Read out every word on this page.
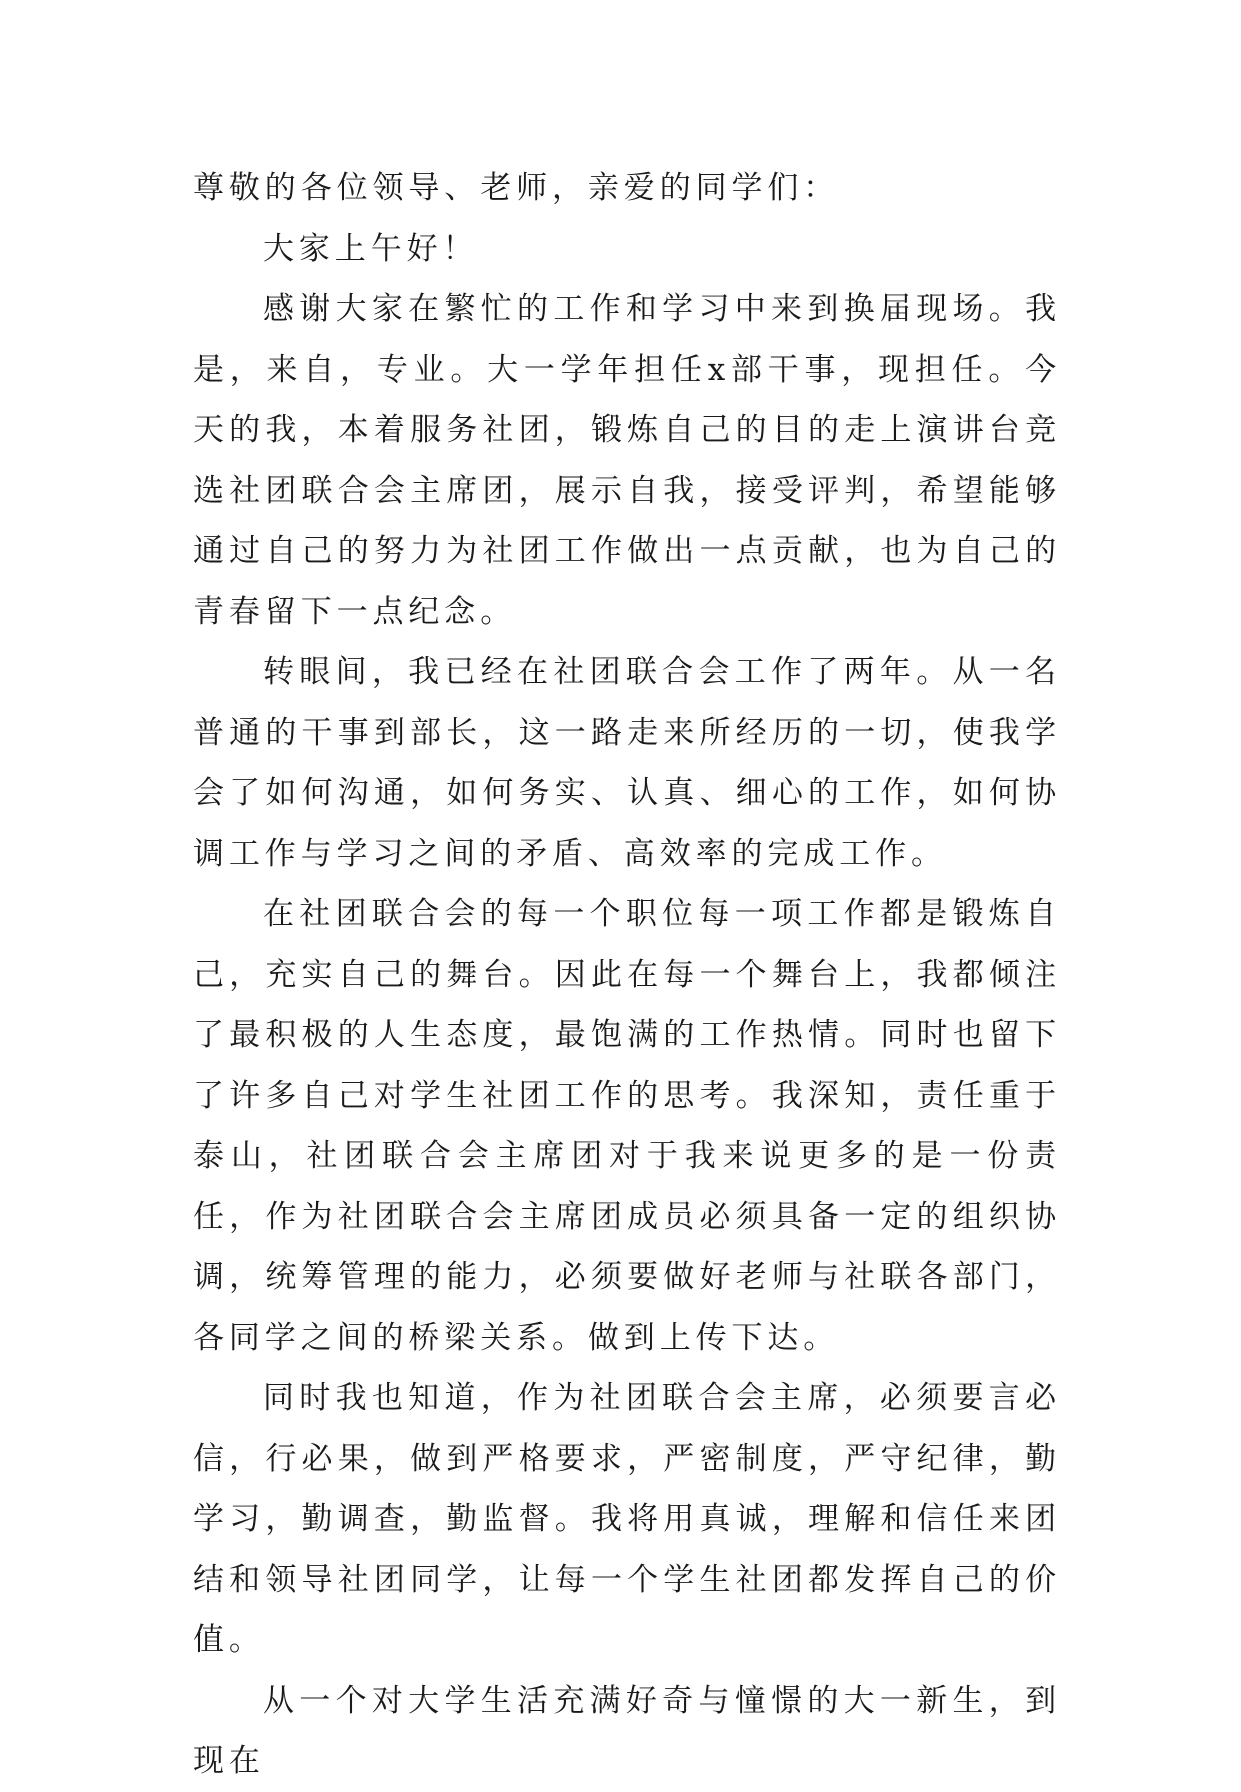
尊敬的各位领导、老师，亲爱的同学们：

大家上午好！

感谢大家在繁忙的工作和学习中来到换届现场。我是，来自，专业。大一学年担任x部干事，现担任。今天的我，本着服务社团，锻炼自己的目的走上演讲台竞选社团联合会主席团，展示自我，接受评判，希望能够通过自己的努力为社团工作做出一点贡献，也为自己的青春留下一点纪念。

转眼间，我已经在社团联合会工作了两年。从一名普通的干事到部长，这一路走来所经历的一切，使我学会了如何沟通，如何务实、认真、细心的工作，如何协调工作与学习之间的矛盾、高效率的完成工作。

在社团联合会的每一个职位每一项工作都是锻炼自己，充实自己的舞台。因此在每一个舞台上，我都倾注了最积极的人生态度，最饱满的工作热情。同时也留下了许多自己对学生社团工作的思考。我深知，责任重于泰山，社团联合会主席团对于我来说更多的是一份责任，作为社团联合会主席团成员必须具备一定的组织协调，统筹管理的能力，必须要做好老师与社联各部门，各同学之间的桥梁关系。做到上传下达。

同时我也知道，作为社团联合会主席，必须要言必信，行必果，做到严格要求，严密制度，严守纪律，勤学习，勤调查，勤监督。我将用真诚，理解和信任来团结和领导社团同学，让每一个学生社团都发挥自己的价值。

从一个对大学生活充满好奇与憧憬的大一新生，到现在
